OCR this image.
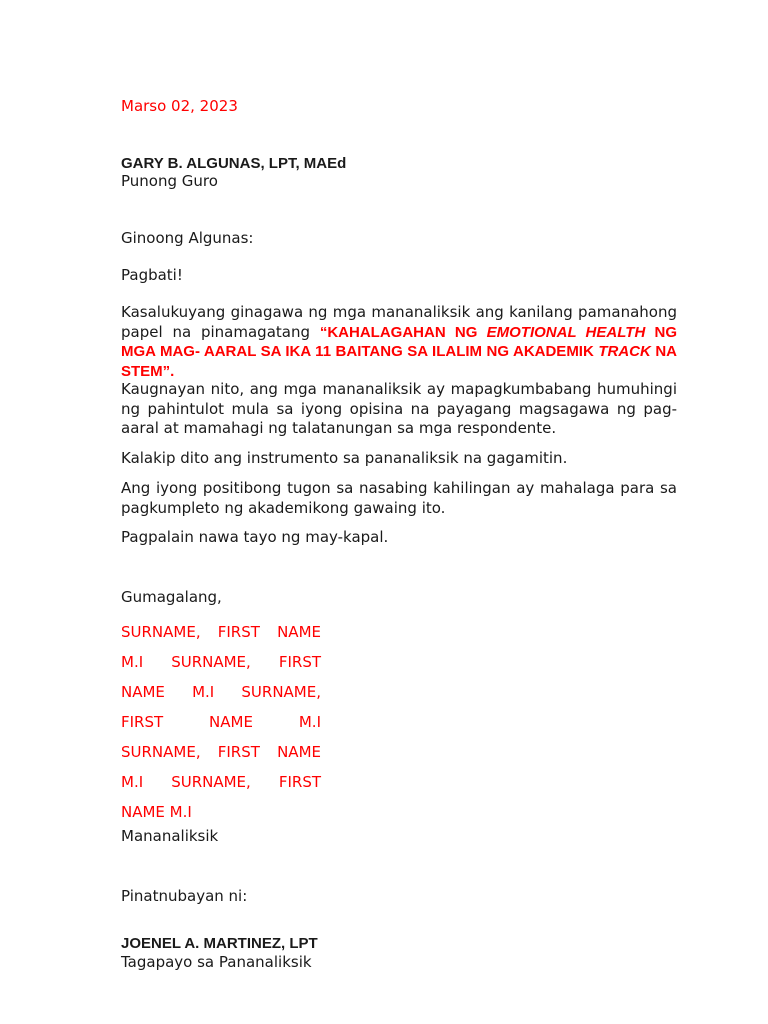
Marso 02, 2023

GARY B. ALGUNAS, LPT, MAEd

Punong Guro

Ginoong Algunas:

Pagbati!

Kasalukuyang ginagawa ng mga mananaliksik ang kanilang pamanahong papel na pinamagatang “KAHALAGAHAN NG EMOTIONAL HEALTH NG MGA MAG- AARAL SA IKA 11 BAITANG SA ILALIM NG AKADEMIK TRACK NA STEM”.

Kaugnayan nito, ang mga mananaliksik ay mapagkumbabang humuhingi ng pahintulot mula sa iyong opisina na payagang magsagawa ng pag-aaral at mamahagi ng talatanungan sa mga respondente.

Kalakip dito ang instrumento sa pananaliksik na gagamitin.

Ang iyong positibong tugon sa nasabing kahilingan ay mahalaga para sa pagkumpleto ng akademikong gawaing ito.

Pagpalain nawa tayo ng may-kapal.

Gumagalang,

SURNAME, FIRST NAME
M.I SURNAME, FIRST
NAME M.I SURNAME,
FIRST NAME M.I
SURNAME, FIRST NAME
M.I SURNAME, FIRST
NAME M.I

Mananaliksik

Pinatnubayan ni:

JOENEL A. MARTINEZ, LPT

Tagapayo sa Pananaliksik
